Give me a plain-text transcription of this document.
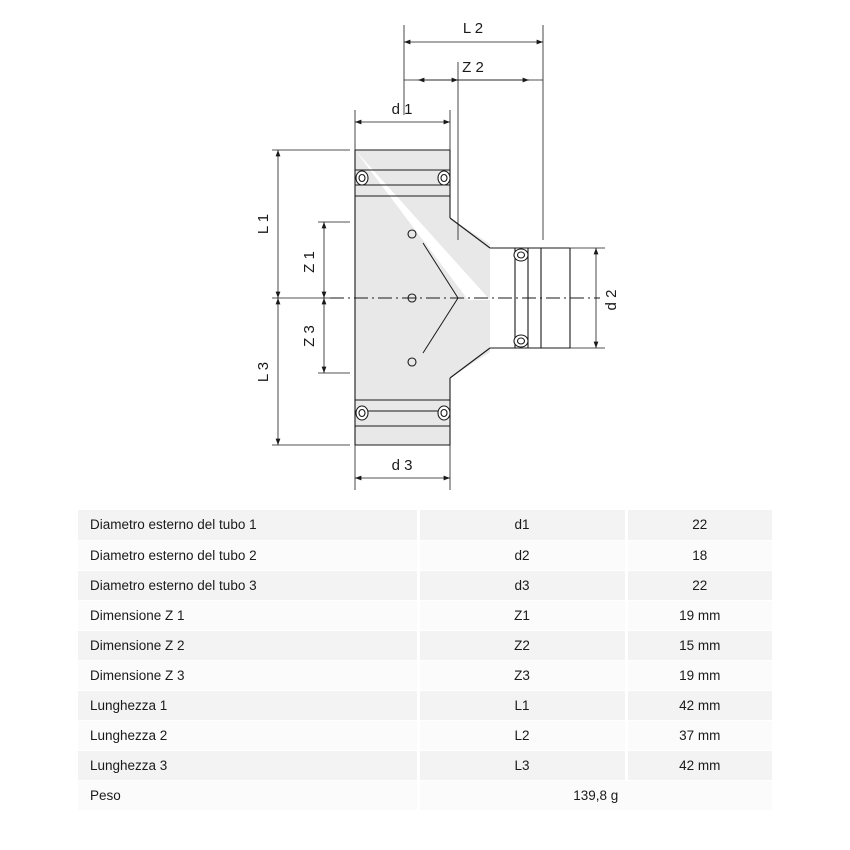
L 2
Z 2
d 1
L 1
Z 1
Z 3
L 3
d 2
d 3
Diametro esterno del tubo 1	d1	22
Diametro esterno del tubo 2	d2	18
Diametro esterno del tubo 3	d3	22
Dimensione Z 1	Z1	19 mm
Dimensione Z 2	Z2	15 mm
Dimensione Z 3	Z3	19 mm
Lunghezza 1	L1	42 mm
Lunghezza 2	L2	37 mm
Lunghezza 3	L3	42 mm
Peso	139,8 g	
